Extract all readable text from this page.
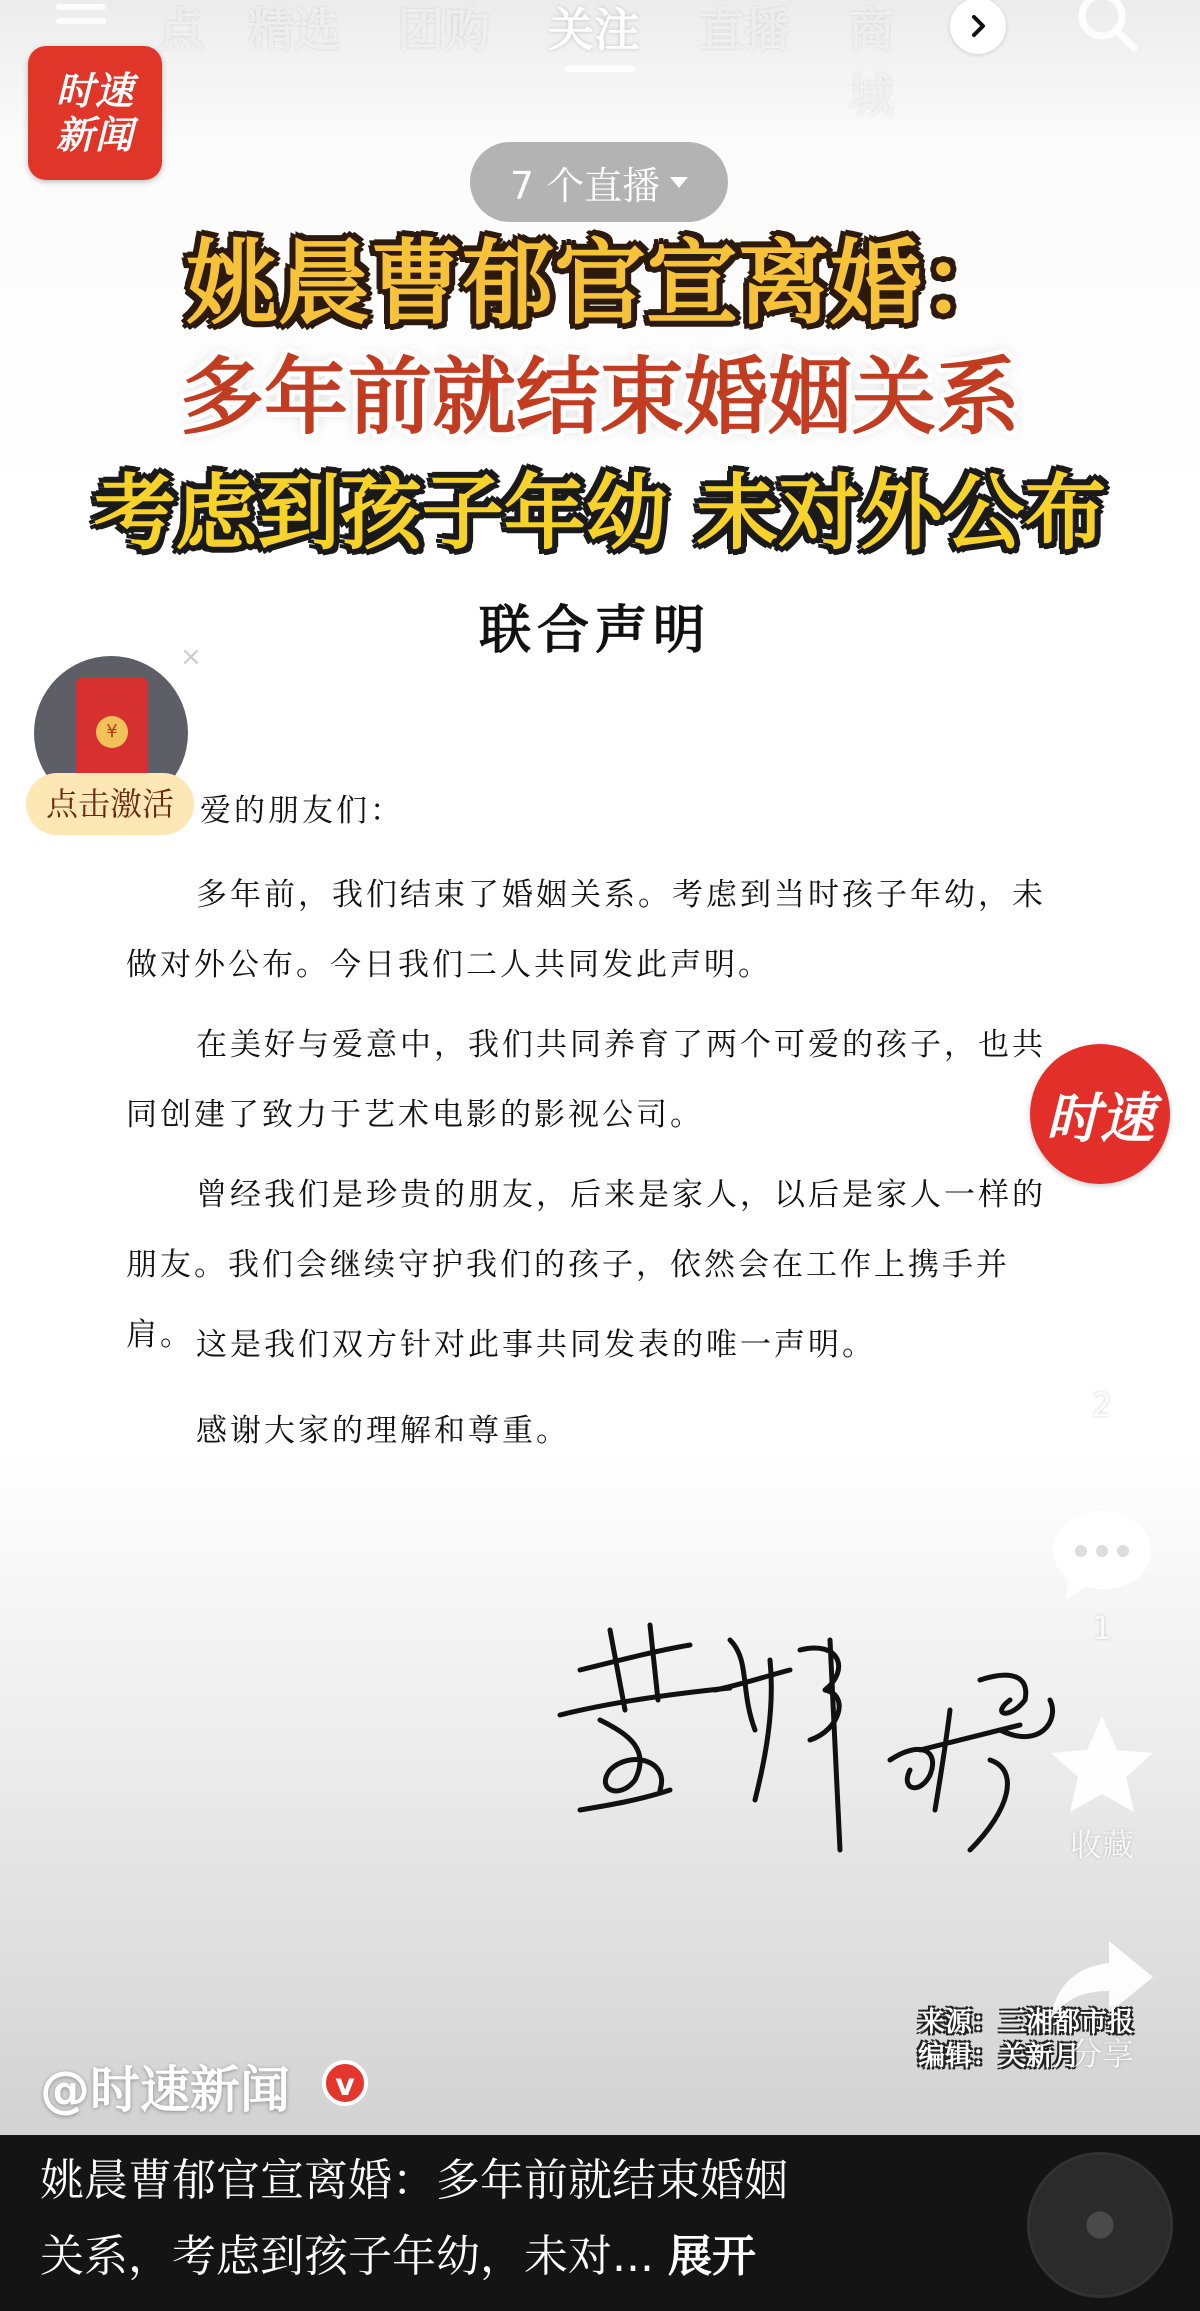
点 精选 团购 关注 直播 商城
时速
新闻
7 个直播
姚晨曹郁官宣离婚：
多年前就结束婚姻关系
考虑到孩子年幼 未对外公布
联合声明
爱的朋友们：
多年前，我们结束了婚姻关系。考虑到当时孩子年幼，未做对外公布。今日我们二人共同发此声明。
在美好与爱意中，我们共同养育了两个可爱的孩子，也共同创建了致力于艺术电影的影视公司。
曾经我们是珍贵的朋友，后来是家人，以后是家人一样的朋友。我们会继续守护我们的孩子，依然会在工作上携手并肩。 这是我们双方针对此事共同发表的唯一声明。
感谢大家的理解和尊重。
来源：三湘都市报
编辑：关新月
¥
×
点击激活
时速
2
1
收藏
分享
@时速新闻	v
姚晨曹郁官宣离婚：多年前就结束婚姻
关系，考虑到孩子年幼，未对... 展开
